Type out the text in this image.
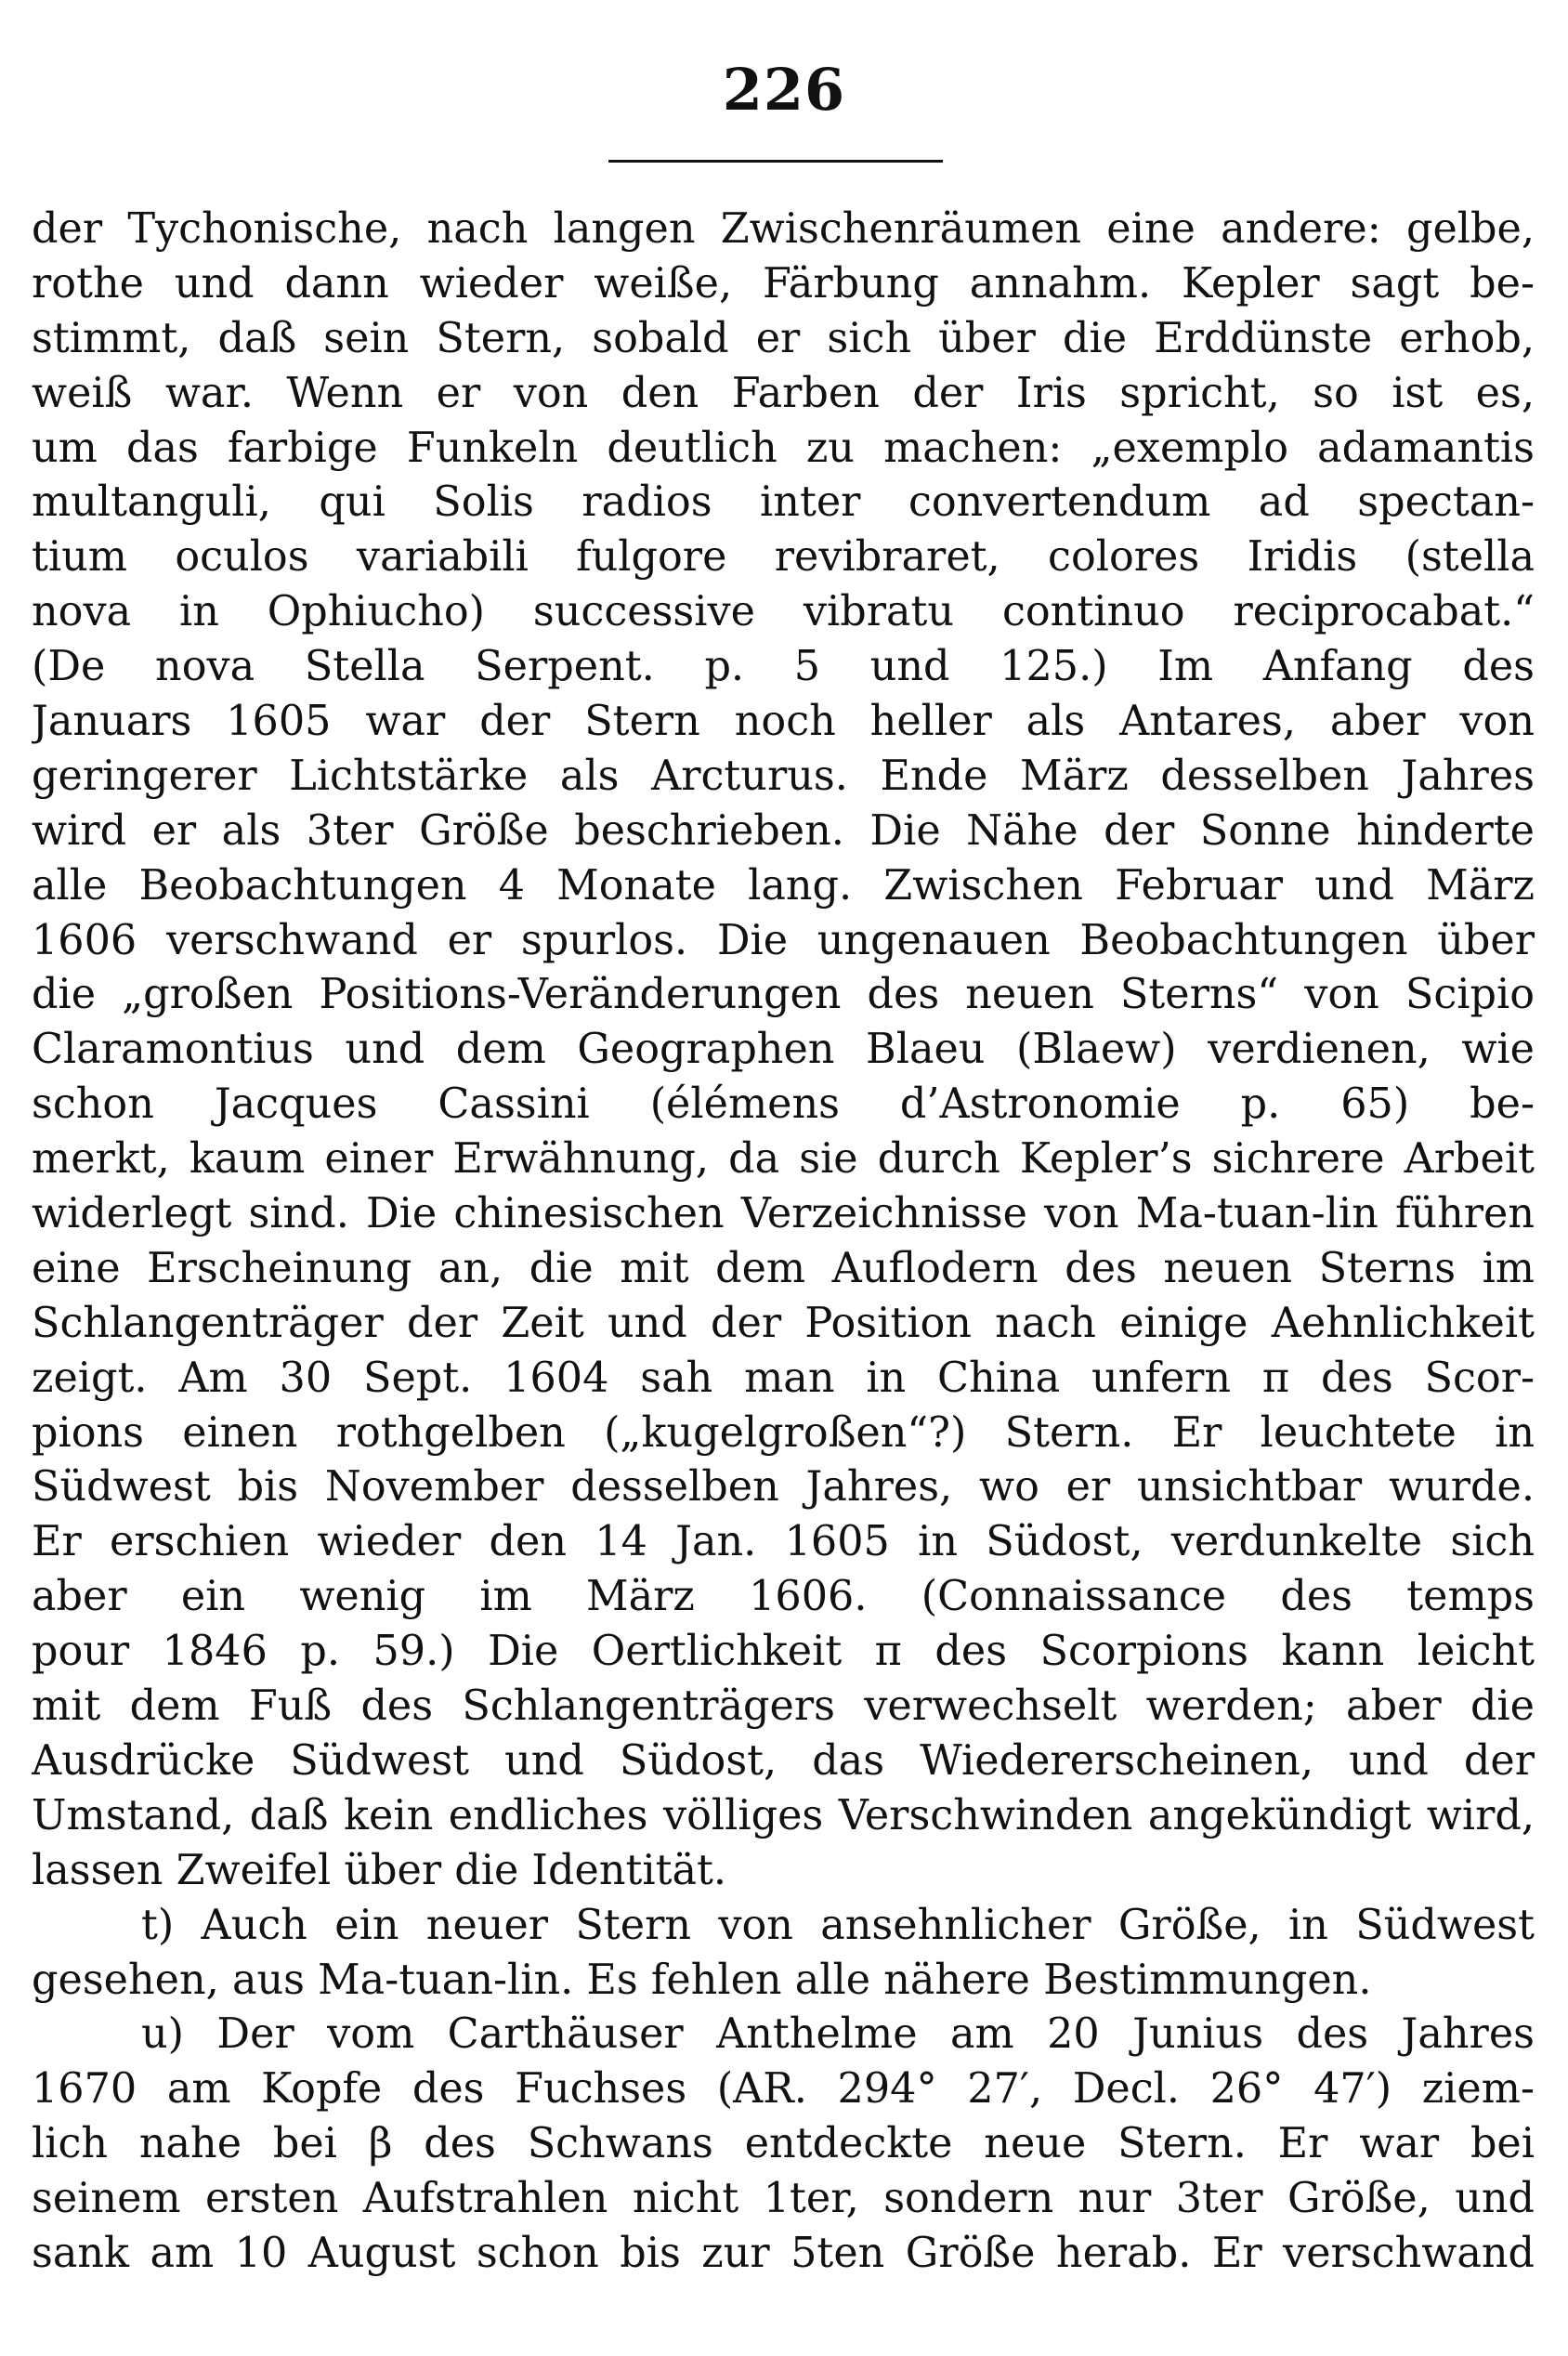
226
der Tychonische, nach langen Zwischenräumen eine andere: gelbe,
rothe und dann wieder weiße, Färbung annahm. Kepler sagt be-
stimmt, daß sein Stern, sobald er sich über die Erddünste erhob,
weiß war. Wenn er von den Farben der Iris spricht, so ist es,
um das farbige Funkeln deutlich zu machen: „exemplo adamantis
multanguli, qui Solis radios inter convertendum ad spectan-
tium oculos variabili fulgore revibraret, colores Iridis (stella
nova in Ophiucho) successive vibratu continuo reciprocabat.“
(De nova Stella Serpent. p. 5 und 125.) Im Anfang des
Januars 1605 war der Stern noch heller als Antares, aber von
geringerer Lichtstärke als Arcturus. Ende März desselben Jahres
wird er als 3ter Größe beschrieben. Die Nähe der Sonne hinderte
alle Beobachtungen 4 Monate lang. Zwischen Februar und März
1606 verschwand er spurlos. Die ungenauen Beobachtungen über
die „großen Positions-Veränderungen des neuen Sterns“ von Scipio
Claramontius und dem Geographen Blaeu (Blaew) verdienen, wie
schon Jacques Cassini (élémens d’Astronomie p. 65) be-
merkt, kaum einer Erwähnung, da sie durch Kepler’s sichrere Arbeit
widerlegt sind. Die chinesischen Verzeichnisse von Ma-tuan-lin führen
eine Erscheinung an, die mit dem Auflodern des neuen Sterns im
Schlangenträger der Zeit und der Position nach einige Aehnlichkeit
zeigt. Am 30 Sept. 1604 sah man in China unfern π des Scor-
pions einen rothgelben („kugelgroßen“?) Stern. Er leuchtete in
Südwest bis November desselben Jahres, wo er unsichtbar wurde.
Er erschien wieder den 14 Jan. 1605 in Südost, verdunkelte sich
aber ein wenig im März 1606. (Connaissance des temps
pour 1846 p. 59.) Die Oertlichkeit π des Scorpions kann leicht
mit dem Fuß des Schlangenträgers verwechselt werden; aber die
Ausdrücke Südwest und Südost, das Wiedererscheinen, und der
Umstand, daß kein endliches völliges Verschwinden angekündigt wird,
lassen Zweifel über die Identität.
t) Auch ein neuer Stern von ansehnlicher Größe, in Südwest
gesehen, aus Ma-tuan-lin. Es fehlen alle nähere Bestimmungen.
u) Der vom Carthäuser Anthelme am 20 Junius des Jahres
1670 am Kopfe des Fuchses (AR. 294° 27′, Decl. 26° 47′) ziem-
lich nahe bei β des Schwans entdeckte neue Stern. Er war bei
seinem ersten Aufstrahlen nicht 1ter, sondern nur 3ter Größe, und
sank am 10 August schon bis zur 5ten Größe herab. Er verschwand
